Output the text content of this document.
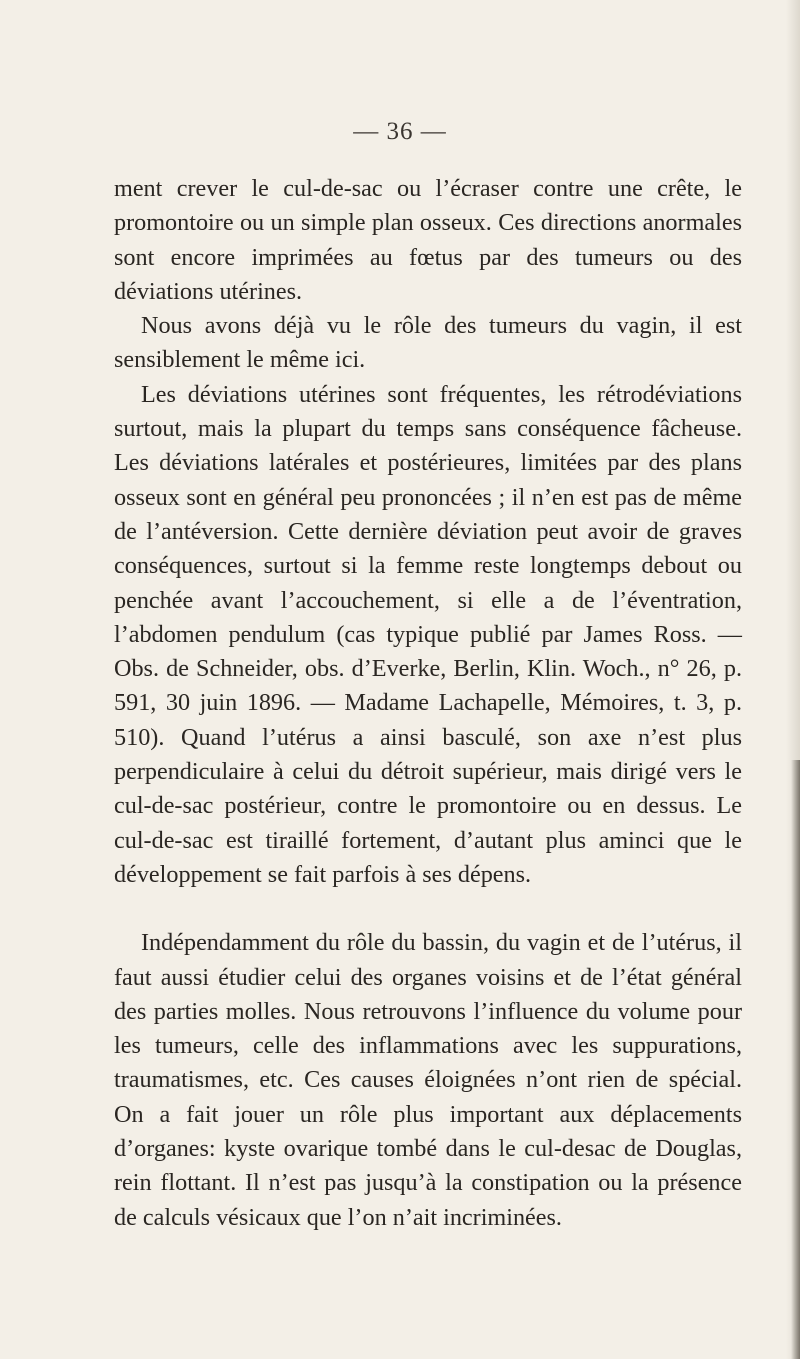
— 36 —

ment crever le cul-de-sac ou l’écraser contre une crête, le promontoire ou un simple plan osseux. Ces directions anormales sont encore imprimées au fœtus par des tumeurs ou des déviations utérines.

Nous avons déjà vu le rôle des tumeurs du vagin, il est sensiblement le même ici.

Les déviations utérines sont fréquentes, les rétrodéviations surtout, mais la plupart du temps sans conséquence fâcheuse. Les déviations latérales et postérieures, limitées par des plans osseux sont en général peu prononcées ; il n’en est pas de même de l’antéversion. Cette dernière déviation peut avoir de graves conséquences, surtout si la femme reste longtemps debout ou penchée avant l’accouchement, si elle a de l’éventration, l’abdomen pendulum (cas typique publié par James Ross. — Obs. de Schneider, obs. d’Everke, Berlin, Klin. Woch., n° 26, p. 591, 30 juin 1896. — Madame Lachapelle, Mémoires, t. 3, p. 510). Quand l’utérus a ainsi basculé, son axe n’est plus perpendiculaire à celui du détroit supérieur, mais dirigé vers le cul-de-sac postérieur, contre le promontoire ou en dessus. Le cul-de-sac est tiraillé fortement, d’autant plus aminci que le développement se fait parfois à ses dépens.

Indépendamment du rôle du bassin, du vagin et de l’utérus, il faut aussi étudier celui des organes voisins et de l’état général des parties molles. Nous retrouvons l’influence du volume pour les tumeurs, celle des inflammations avec les suppurations, traumatismes, etc. Ces causes éloignées n’ont rien de spécial. On a fait jouer un rôle plus important aux déplacements d’organes: kyste ovarique tombé dans le cul-desac de Douglas, rein flottant. Il n’est pas jusqu’à la constipation ou la présence de calculs vésicaux que l’on n’ait incriminées.
